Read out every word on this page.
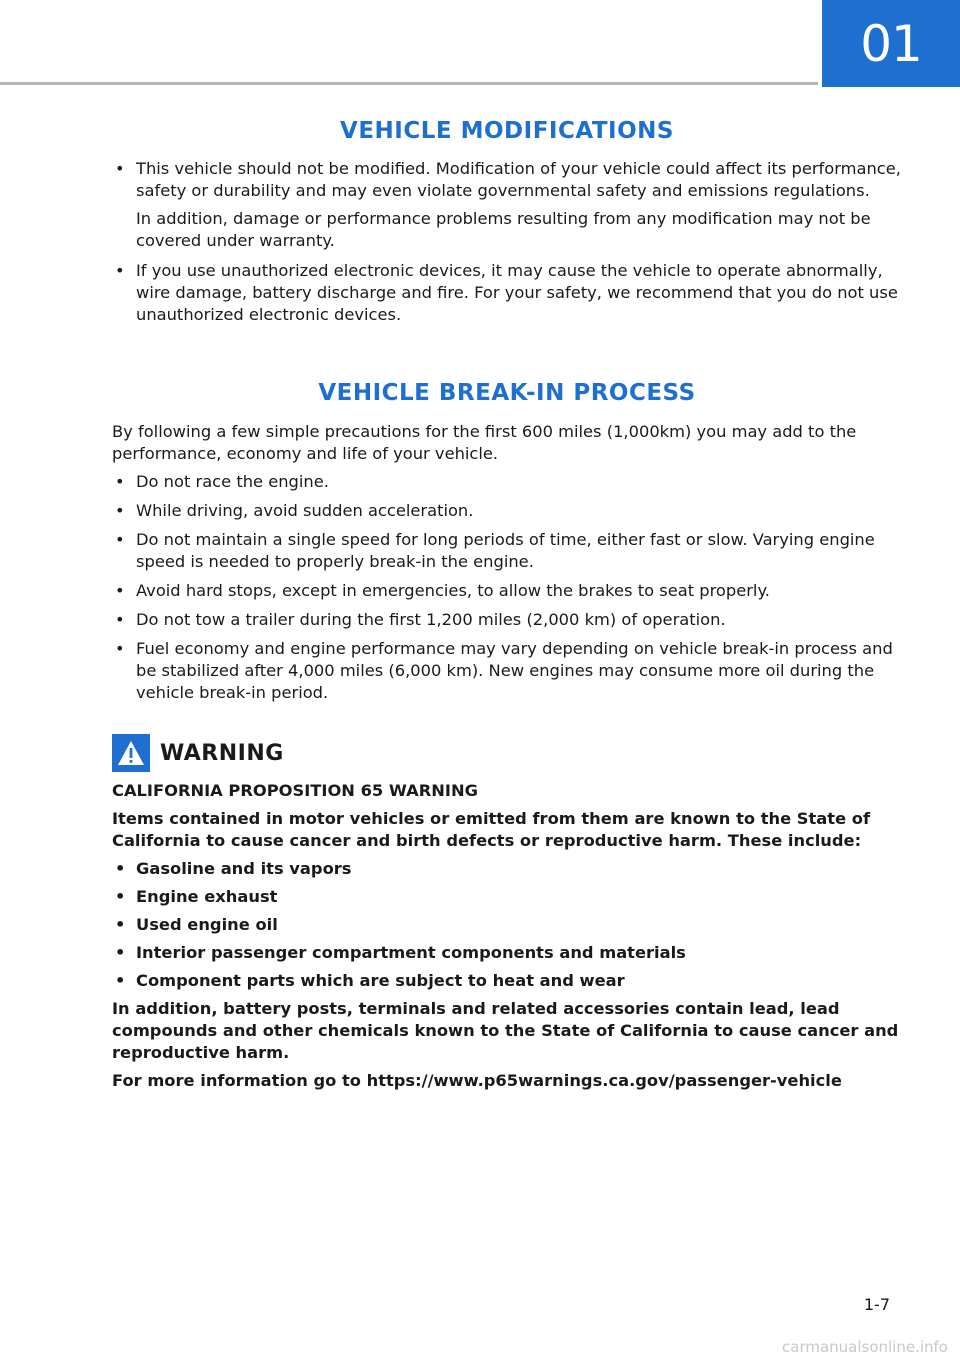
01
VEHICLE MODIFICATIONS
• This vehicle should not be modified. Modification of your vehicle could affect its performance, safety or durability and may even violate governmental safety and emissions regulations.
In addition, damage or performance problems resulting from any modification may not be covered under warranty.
• If you use unauthorized electronic devices, it may cause the vehicle to operate abnormally, wire damage, battery discharge and fire. For your safety, we recommend that you do not use unauthorized electronic devices.
VEHICLE BREAK-IN PROCESS

By following a few simple precautions for the first 600 miles (1,000km) you may add to the performance, economy and life of your vehicle.

• Do not race the engine.
• While driving, avoid sudden acceleration.
• Do not maintain a single speed for long periods of time, either fast or slow. Varying engine speed is needed to properly break-in the engine.
• Avoid hard stops, except in emergencies, to allow the brakes to seat properly.
• Do not tow a trailer during the first 1,200 miles (2,000 km) of operation.
• Fuel economy and engine performance may vary depending on vehicle break-in process and be stabilized after 4,000 miles (6,000 km). New engines may consume more oil during the vehicle break-in period.
WARNING

CALIFORNIA PROPOSITION 65 WARNING

Items contained in motor vehicles or emitted from them are known to the State of California to cause cancer and birth defects or reproductive harm. These include:

• Gasoline and its vapors
• Engine exhaust
• Used engine oil
• Interior passenger compartment components and materials
• Component parts which are subject to heat and wear

In addition, battery posts, terminals and related accessories contain lead, lead compounds and other chemicals known to the State of California to cause cancer and reproductive harm.

For more information go to https://www.p65warnings.ca.gov/passenger-vehicle

1-7
carmanualsonline.info
